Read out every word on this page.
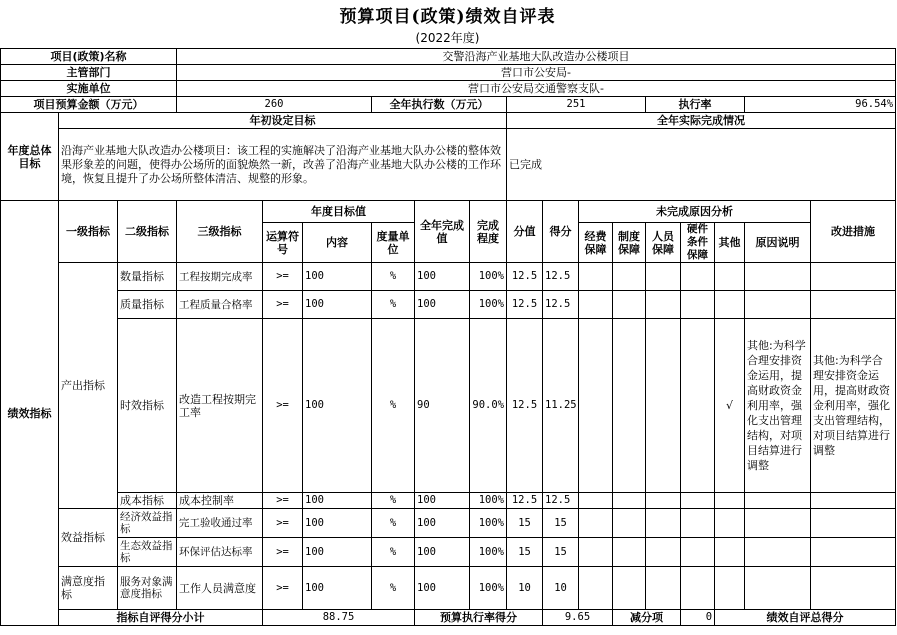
预算项目(政策)绩效自评表
(2022年度)
项目(政策)名称			交警沿海产业基地大队改造办公楼项目															
主管部门			营口市公安局-															
实施单位			营口市公安局交通警察支队-															
项目预算金额（万元）			260			全年执行数（万元）			251				执行率			96.54%		
年度总体目标	年初设定目标								全年实际完成情况									
	沿海产业基地大队改造办公楼项目：该工程的实施解决了沿海产业基地大队办公楼的整体效果形象差的问题，使得办公场所的面貌焕然一新，改善了沿海产业基地大队办公楼的工作环境，恢复且提升了办公场所整体清洁、规整的形象。								已完成									
绩效指标	一级指标	二级指标	三级指标	年度目标值			全年完成值	完成程度	分值	得分	未完成原因分析						改进措施	
				运算符号	内容	度量单位					经费保障	制度保障	人员保障	硬件条件保障	其他	原因说明		
	产出指标	数量指标	工程按期完成率	>=	100	%	100	100%	12.5	12.5								
		质量指标	工程质量合格率	>=	100	%	100	100%	12.5	12.5								
		时效指标	改造工程按期完工率	>=	100	%	90	90.0%	12.5	11.25					√	其他:为科学合理安排资金运用，提高财政资金利用率，强化支出管理结构，对项目结算进行调整	其他:为科学合理安排资金运用，提高财政资金利用率，强化支出管理结构，对项目结算进行调整	
		成本指标	成本控制率	>=	100	%	100	100%	12.5	12.5								
	效益指标	经济效益指标	完工验收通过率	>=	100	%	100	100%	15	15								
		生态效益指标	环保评估达标率	>=	100	%	100	100%	15	15								
	满意度指标	服务对象满意度指标	工作人员满意度	>=	100	%	100	100%	10	10								
	指标自评得分小计			88.75			预算执行率得分			9.65		减分项		0	绩效自评总得分	
